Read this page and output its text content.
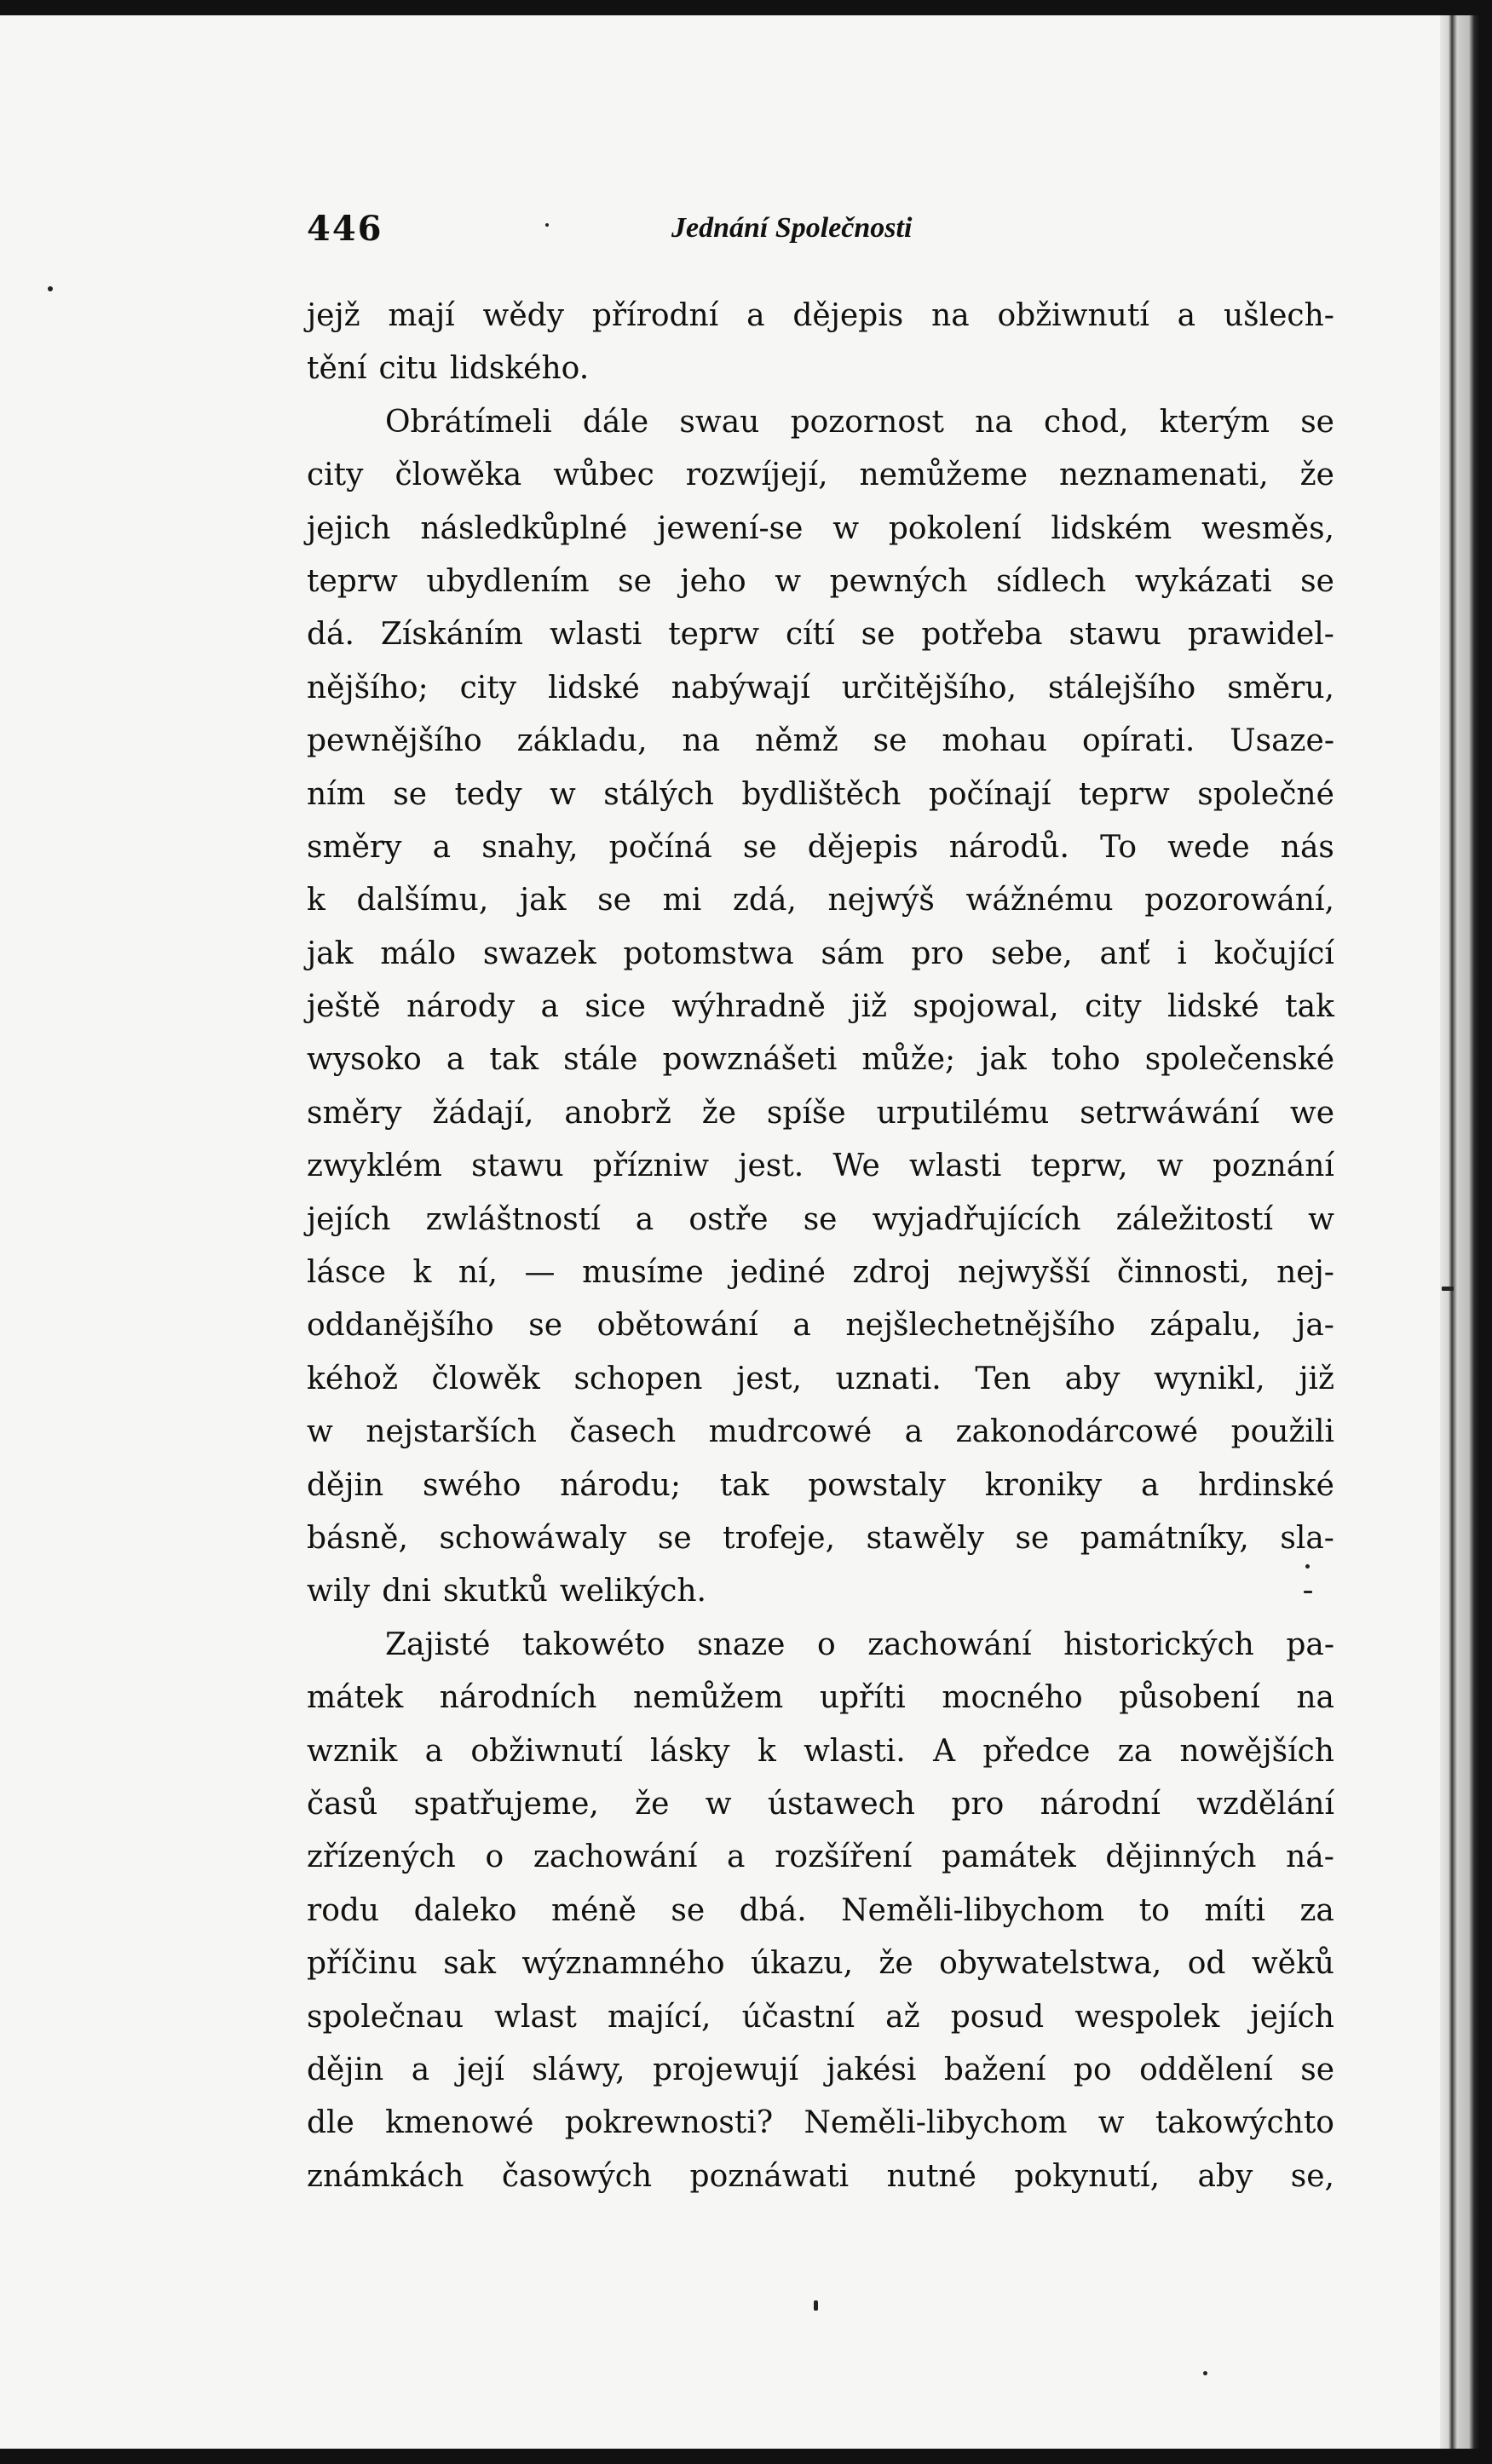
446	Jednání Společnosti
jejž mají wědy přírodní a dějepis na obžiwnutí a ušlech-
tění citu lidského.
Obrátímeli dále swau pozornost na chod, kterým se
city člowěka wůbec rozwíjejí, nemůžeme neznamenati, že
jejich následkůplné jewení-se w pokolení lidském wesměs,
teprw ubydlením se jeho w pewných sídlech wykázati se
dá. Získáním wlasti teprw cítí se potřeba stawu prawidel-
nějšího; city lidské nabýwají určitějšího, stálejšího směru,
pewnějšího základu, na němž se mohau opírati. Usaze-
ním se tedy w stálých bydlištěch počínají teprw společné
směry a snahy, počíná se dějepis národů. To wede nás
k dalšímu, jak se mi zdá, nejwýš wážnému pozorowání,
jak málo swazek potomstwa sám pro sebe, anť i kočující
ještě národy a sice wýhradně již spojowal, city lidské tak
wysoko a tak stále powznášeti může; jak toho společenské
směry žádají, anobrž že spíše urputilému setrwáwání we
zwyklém stawu přízniw jest. We wlasti teprw, w poznání
jejích zwláštností a ostře se wyjadřujících záležitostí w
lásce k ní, — musíme jediné zdroj nejwyšší činnosti, nej-
oddanějšího se obětowání a nejšlechetnějšího zápalu, ja-
kéhož člowěk schopen jest, uznati. Ten aby wynikl, již
w nejstarších časech mudrcowé a zakonodárcowé použili
dějin swého národu; tak powstaly kroniky a hrdinské
básně, schowáwaly se trofeje, stawěly se památníky, sla-
wily dni skutků welikých.
Zajisté takowéto snaze o zachowání historických pa-
mátek národních nemůžem upříti mocného působení na
wznik a obžiwnutí lásky k wlasti. A předce za nowějších
časů spatřujeme, že w ústawech pro národní wzdělání
zřízených o zachowání a rozšíření památek dějinných ná-
rodu daleko méně se dbá. Neměli-libychom to míti za
příčinu sak wýznamného úkazu, že obywatelstwa, od wěků
společnau wlast mající, účastní až posud wespolek jejích
dějin a její sláwy, projewují jakési bažení po oddělení se
dle kmenowé pokrewnosti? Neměli-libychom w takowýchto
známkách časowých poznáwati nutné pokynutí, aby se,
